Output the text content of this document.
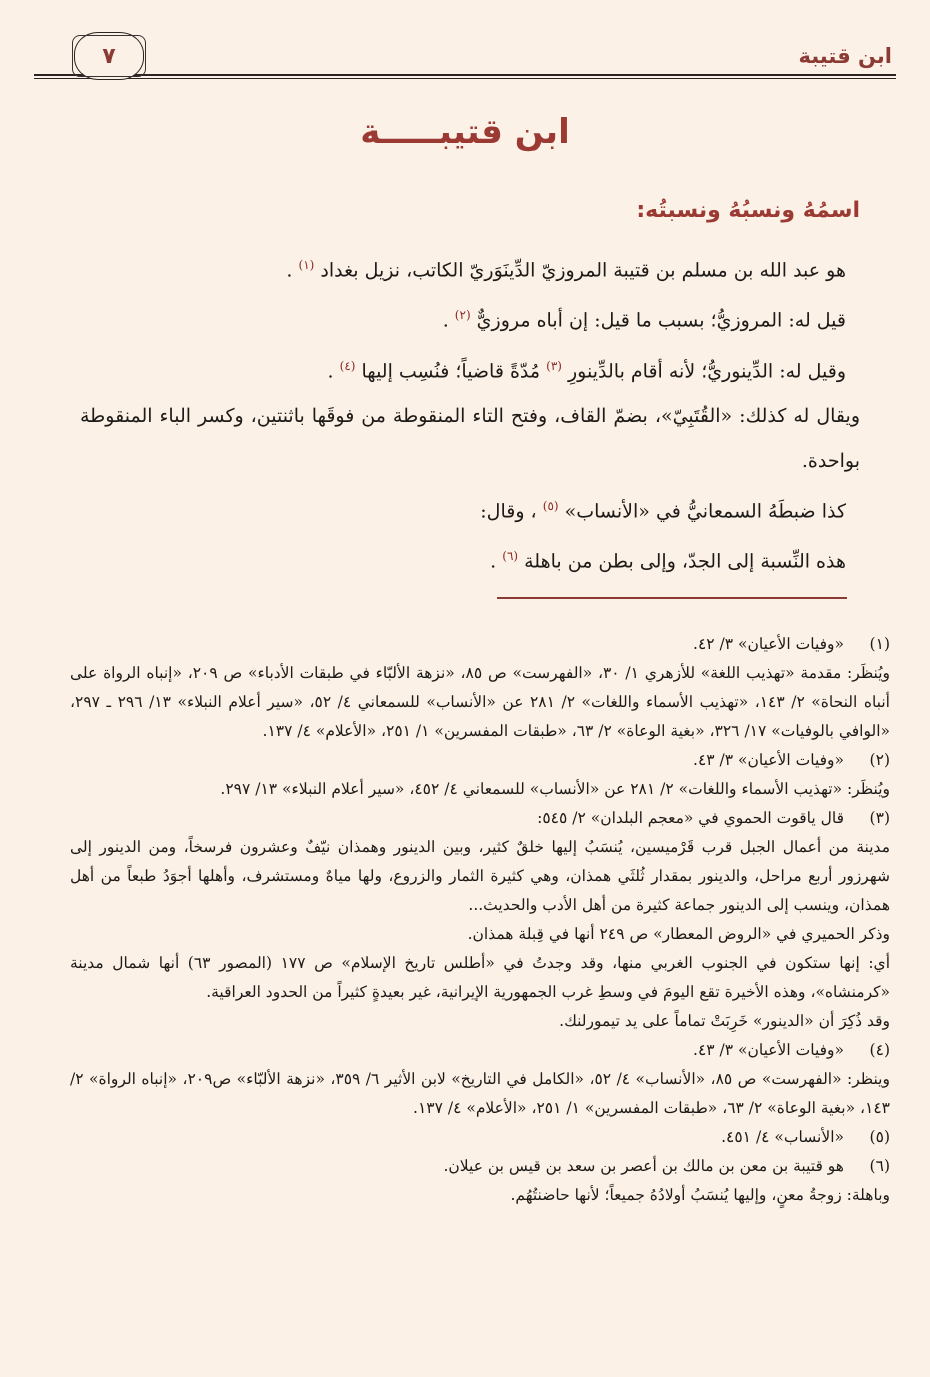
ابن قتيبة
٧
ابن قتيبـــــة
اسمُهُ ونسبُهُ ونسبتُه:

هو عبد الله بن مسلم بن قتيبة المروزيّ الدِّينَوَريّ الكاتب، نزيل بغداد $^{(١)}$ .

قيل له: المروزيُّ؛ بسبب ما قيل: إن أباه مروزيٌّ $^{(٢)}$ .

وقيل له: الدِّينوريُّ؛ لأنه أقام بالدِّينورِ $^{(٣)}$ مُدّةً قاضياً؛ فنُسِب إليها $^{(٤)}$ .

ويقال له كذلك: «القُتَبِيّ»، بضمّ القاف، وفتح التاء المنقوطة من فوقَها باثنتين، وكسر الباء المنقوطة بواحدة.

كذا ضبطَهُ السمعانيُّ في «الأنساب» $^{(٥)}$ ، وقال:

هذه النِّسبة إلى الجدّ، وإلى بطن من باهلة $^{(٦)}$ .

(١)

«وفيات الأعيان» ٣/ ٤٢.

ويُنظَر: مقدمة «تهذيب اللغة» للأزهري ١/ ٣٠، «الفهرست» ص ٨٥، «نزهة الألبّاء في طبقات الأدباء» ص ٢٠٩، «إنباه الرواة على أنباه النحاة» ٢/ ١٤٣، «تهذيب الأسماء واللغات» ٢/ ٢٨١ عن «الأنساب» للسمعاني ٤/ ٥٢، «سير أعلام النبلاء» ١٣/ ٢٩٦ ـ ٢٩٧، «الوافي بالوفيات» ١٧/ ٣٢٦، «بغية الوعاة» ٢/ ٦٣، «طبقات المفسرين» ١/ ٢٥١، «الأعلام» ٤/ ١٣٧.

(٢)

«وفيات الأعيان» ٣/ ٤٣.

ويُنظَر: «تهذيب الأسماء واللغات» ٢/ ٢٨١ عن «الأنساب» للسمعاني ٤/ ٤٥٢، «سير أعلام النبلاء» ١٣/ ٢٩٧.

(٣)

قال ياقوت الحموي في «معجم البلدان» ٢/ ٥٤٥:

مدينة من أعمال الجبل قرب قَرْميسين، يُنسَبُ إليها خلقٌ كثير، وبين الدينور وهمذان نيّفٌ وعشرون فرسخاً، ومن الدينور إلى شهرزور أربع مراحل، والدينور بمقدار ثُلثَي همذان، وهي كثيرة الثمار والزروع، ولها مياهٌ ومستشرف، وأهلها أجوَدُ طبعاً من أهل همذان، وينسب إلى الدينور جماعة كثيرة من أهل الأدب والحديث...

وذكر الحميري في «الروض المعطار» ص ٢٤٩ أنها في قِبلة همذان.

أي: إنها ستكون في الجنوب الغربي منها، وقد وجدتُ في «أطلس تاريخ الإسلام» ص ١٧٧ (المصور ٦٣) أنها شمال مدينة «كرمنشاه»، وهذه الأخيرة تقع اليومَ في وسطِ غرب الجمهورية الإيرانية، غير بعيدةٍ كثيراً من الحدود العراقية.

وقد ذُكِرَ أن «الدينور» خَرِبَتْ تماماً على يد تيمورلنك.

(٤)

«وفيات الأعيان» ٣/ ٤٣.

وينظر: «الفهرست» ص ٨٥، «الأنساب» ٤/ ٥٢، «الكامل في التاريخ» لابن الأثير ٦/ ٣٥٩، «نزهة الألبّاء» ص٢٠٩، «إنباه الرواة» ٢/ ١٤٣، «بغية الوعاة» ٢/ ٦٣، «طبقات المفسرين» ١/ ٢٥١، «الأعلام» ٤/ ١٣٧.

(٥)

«الأنساب» ٤/ ٤٥١.

(٦)

هو قتيبة بن معن بن مالك بن أعصر بن سعد بن قيس بن عيلان.

وباهلة: زوجةُ معنٍ، وإليها يُنسَبُ أولادُهُ جميعاً؛ لأنها حاضنتُهُم.
